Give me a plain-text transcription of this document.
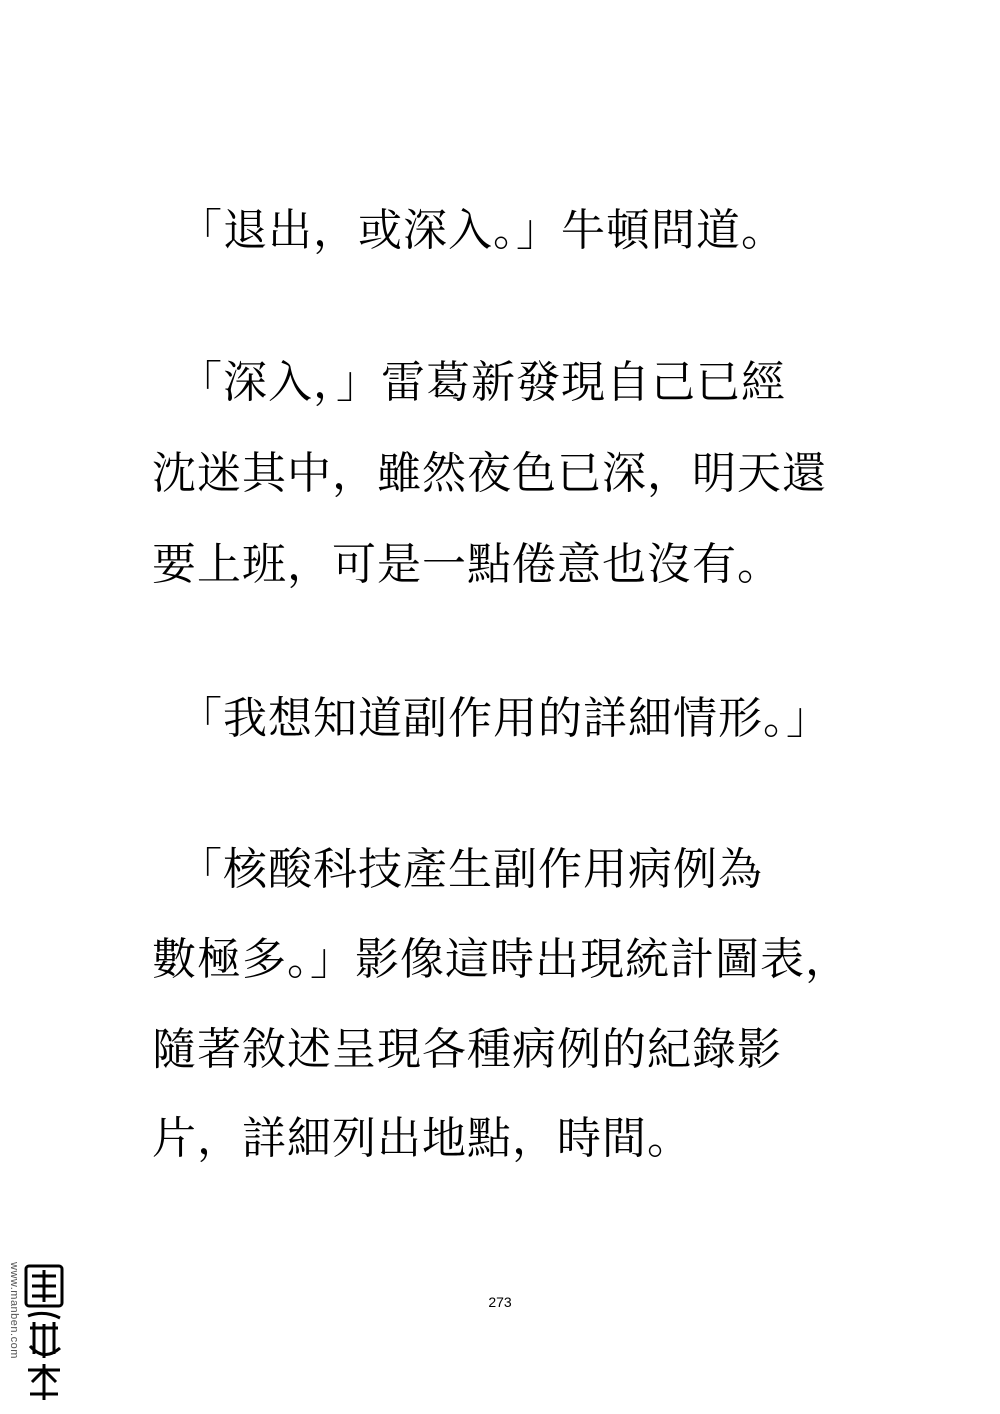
「退出，或深入。」牛頓問道。
「深入，」雷葛新發現自己已經
沈迷其中，雖然夜色已深，明天還
要上班，可是一點倦意也沒有。
「我想知道副作用的詳細情形。」
「核酸科技產生副作用病例為
數極多。」影像這時出現統計圖表，
隨著敘述呈現各種病例的紀錄影
片，詳細列出地點，時間。
273
www.manben.com
